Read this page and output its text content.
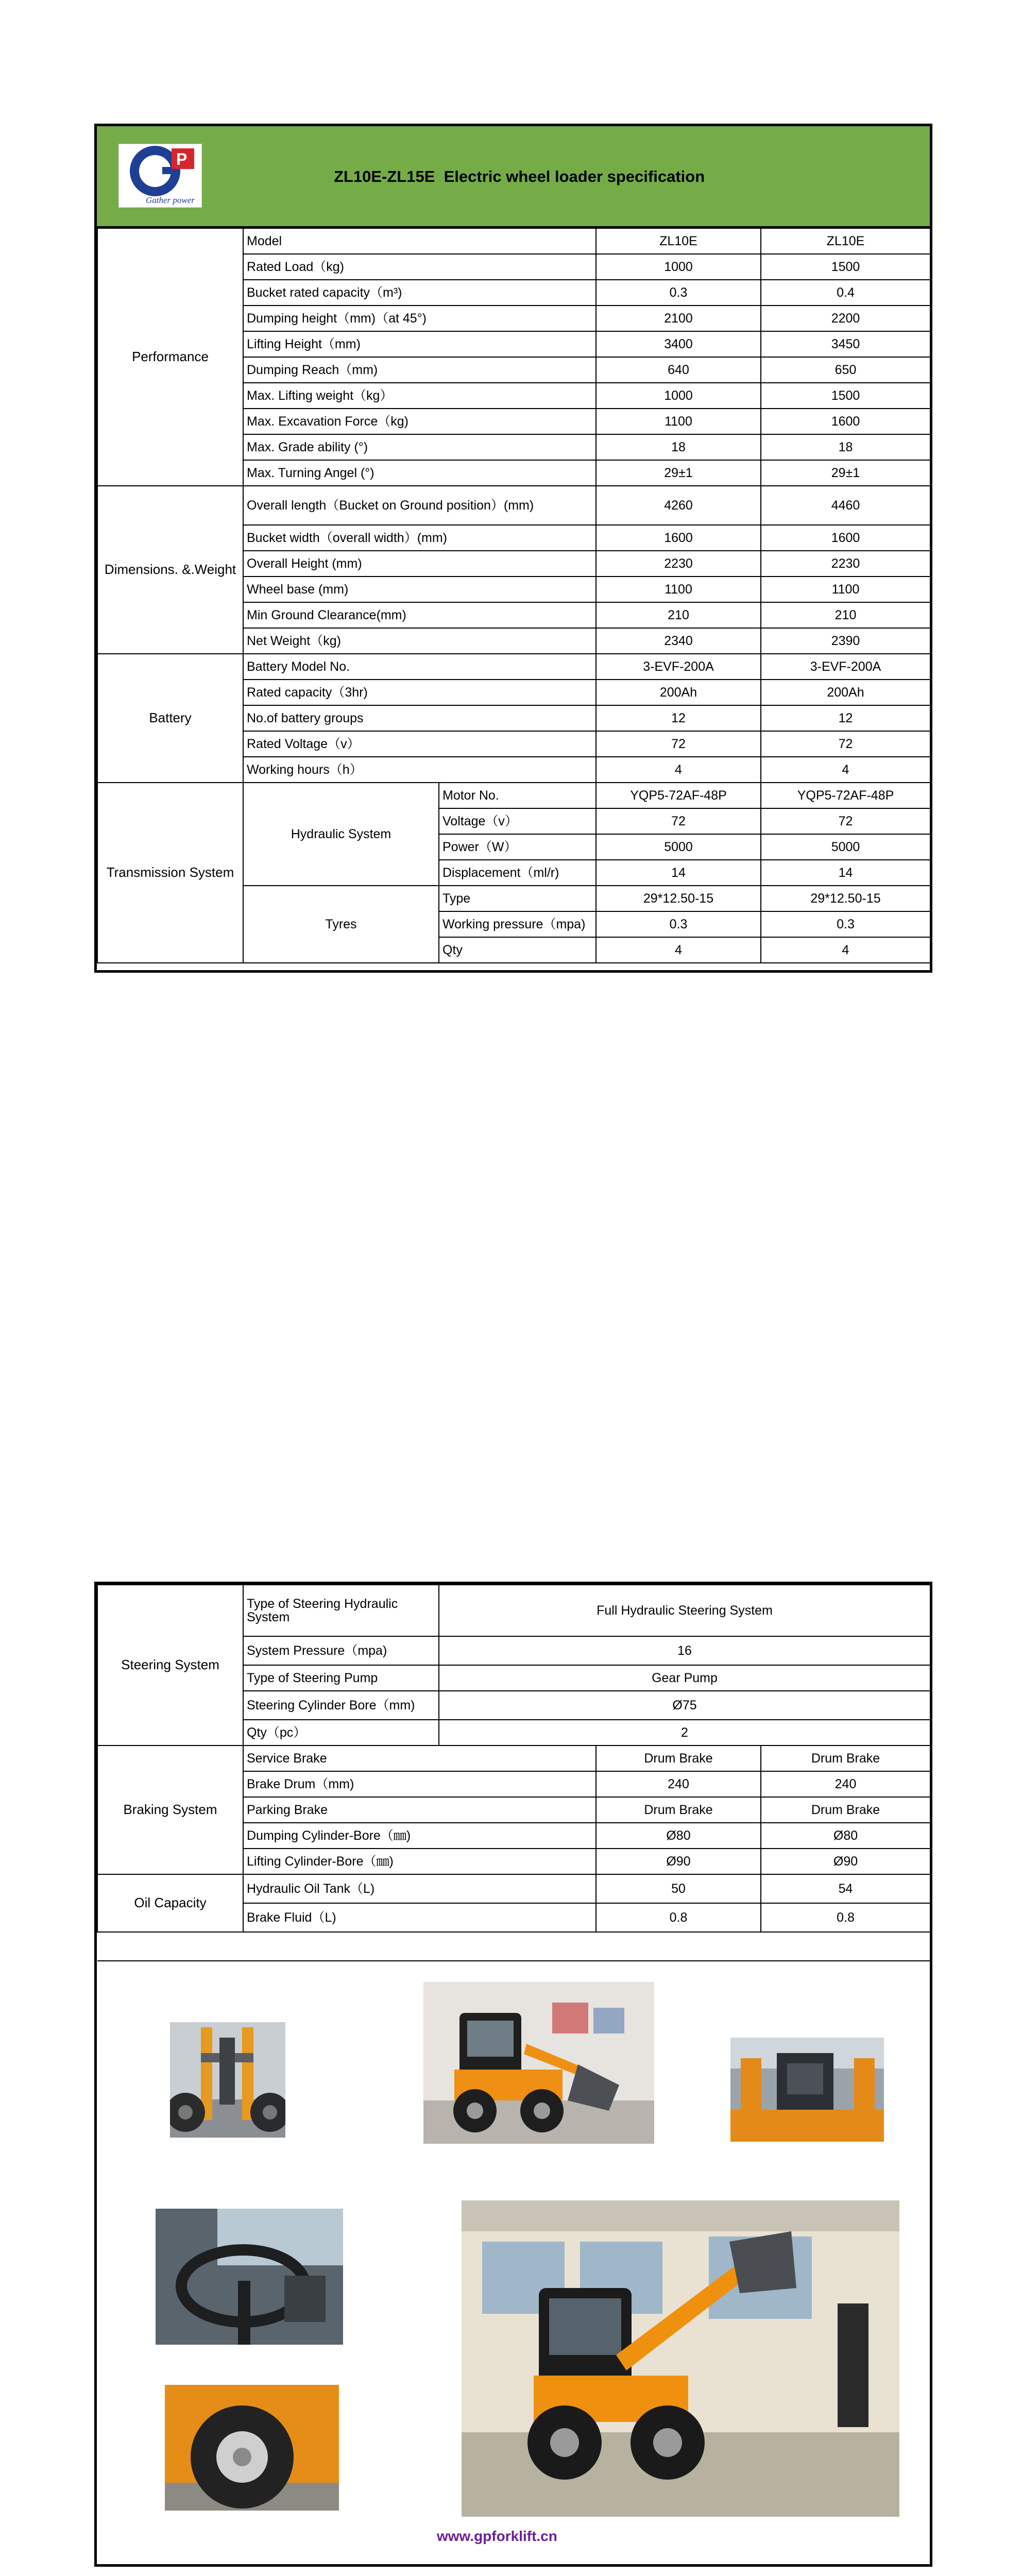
P
Gather power
ZL10E-ZL15E  Electric wheel loader specification
Performance	Model		ZL10E	ZL10E
	Rated Load（kg)		1000	1500
	Bucket rated capacity（m³)		0.3	0.4
	Dumping height（mm)（at 45°)		2100	2200
	Lifting Height（mm)		3400	3450
	Dumping Reach（mm)		640	650
	Max. Lifting weight（kg）		1000	1500
	Max. Excavation Force（kg)		1100	1600
	Max. Grade ability (°)		18	18
	Max. Turning Angel (°)		29±1	29±1
Dimensions. &.Weight	Overall length（Bucket on Ground position）(mm)		4260	4460
	Bucket width（overall width）(mm)		1600	1600
	Overall Height (mm)		2230	2230
	Wheel base (mm)		1100	1100
	Min Ground Clearance(mm)		210	210
	Net Weight（kg)		2340	2390
Battery	Battery Model No.		3-EVF-200A	3-EVF-200A
	Rated capacity（3hr)		200Ah	200Ah
	No.of battery groups		12	12
	Rated Voltage（v）		72	72
	Working hours（h）		4	4
Transmission System	Hydraulic System	Motor No.	YQP5-72AF-48P	YQP5-72AF-48P
		Voltage（v）	72	72
		Power（W）	5000	5000
		Displacement（ml/r)	14	14
	Tyres	Type	29*12.50-15	29*12.50-15
		Working pressure（mpa)	0.3	0.3
		Qty	4	4
Steering System	Type of Steering Hydraulic System	Full Hydraulic Steering System		
	System Pressure（mpa)	16		
	Type of Steering Pump	Gear Pump		
	Steering Cylinder Bore（mm)	Ø75		
	Qty（pc）	2		
Braking System	Service Brake		Drum Brake	Drum Brake
	Brake Drum（mm)		240	240
	Parking Brake		Drum Brake	Drum Brake
	Dumping Cylinder-Bore（㎜)		Ø80	Ø80
	Lifting Cylinder-Bore（㎜)		Ø90	Ø90
Oil Capacity	Hydraulic Oil Tank（L)		50	54
	Brake Fluid（L)		0.8	0.8

www.gpforklift.cn
